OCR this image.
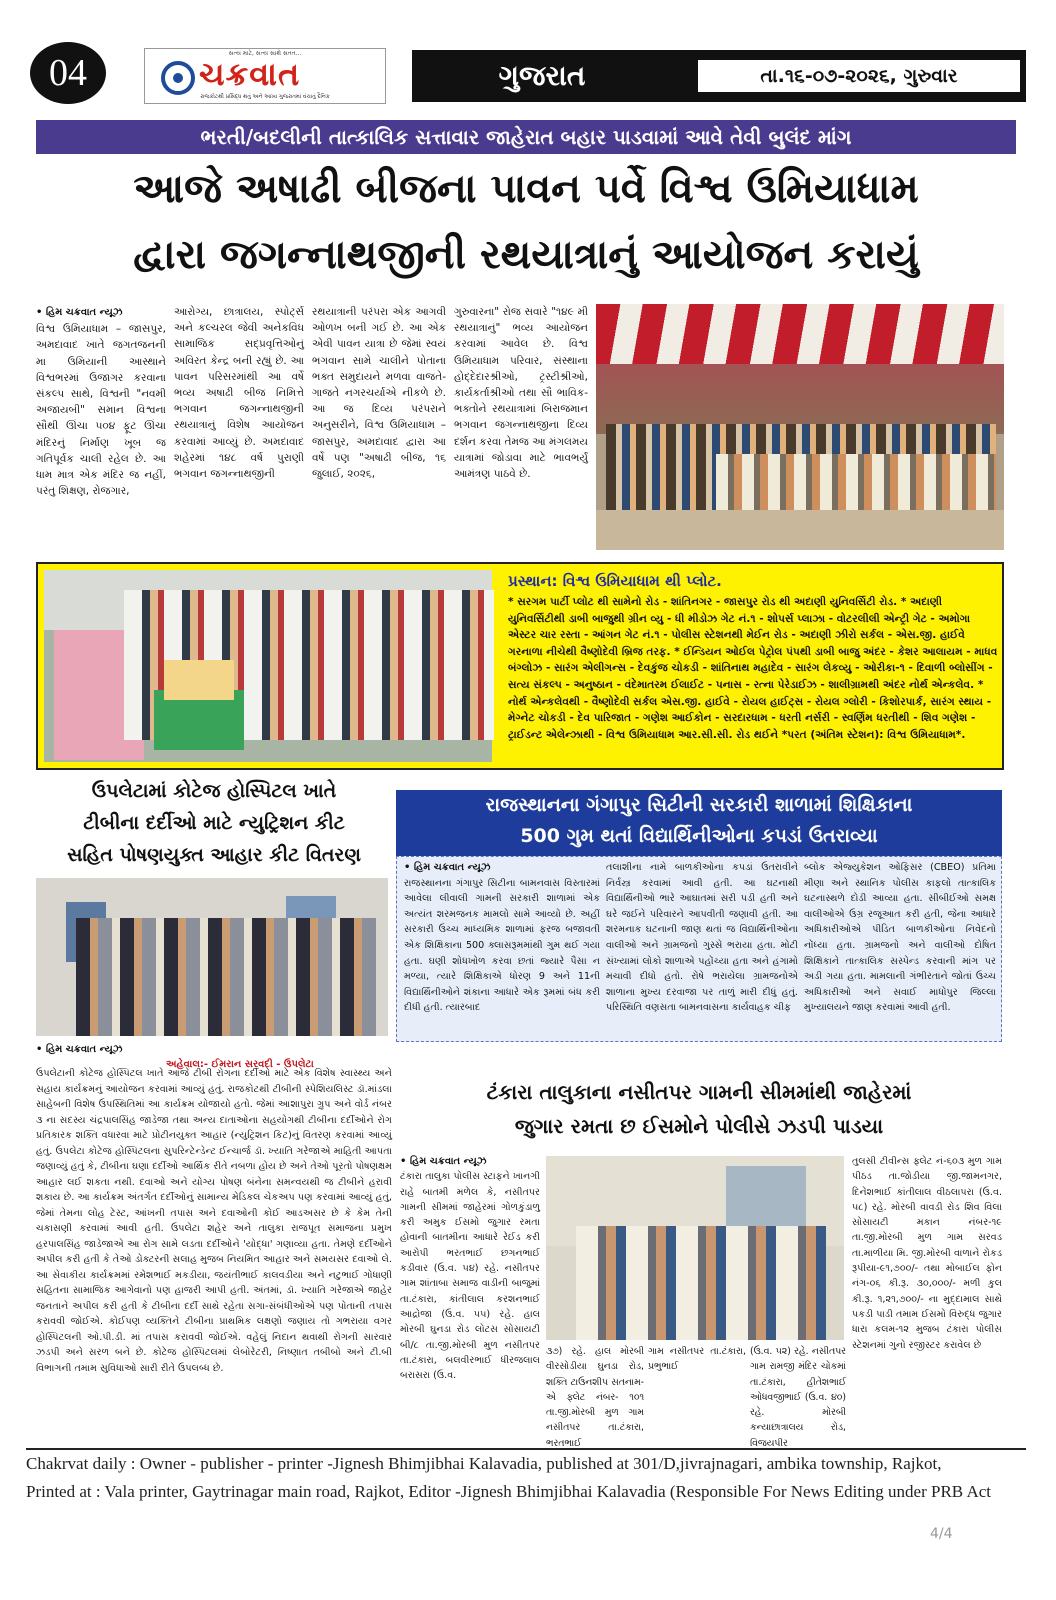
04	સત્ય માટે, સત્ય સાથે સતત...
ચક્રવાત
રાજકોટથી પ્રસિદ્ધ થતું અને આખા ગુજરાતમાં વંચાતું દૈનિક
ગુજરાત	તા.૧૬-૦૭-૨૦૨૬, ગુરુવાર
ભરતી/બદલીની તાત્કાલિક સત્તાવાર જાહેરાત બહાર પાડવામાં આવે તેવી બુલંદ માંગ
આજે અષાઢી બીજના પાવન પર્વે વિશ્વ ઉમિયાધામ
દ્વારા જગન્નાથજીની રથયાત્રાનું આયોજન કરાયું
• હિમ ચક્રવાત ન્યૂઝ
વિશ્વ ઉમિયાધામ – જાસપુર, અમદાવાદ ખાતે જગતજનની મા ઉમિયાની આસ્થાને વિશ્વભરમાં ઉજાગર કરવાના સંકલ્પ સાથે, વિશ્વની "નવમી અજાયબી" સમાન વિશ્વના સૌથી ઊંચા ૫૦૪ ફૂટ ઊંચા મંદિરનું નિર્માણ ખૂબ જ ગતિપૂર્વક ચાલી રહેલ છે. આ ધામ માત્ર એક મંદિર જ નહીં, પરંતુ શિક્ષણ, રોજગાર,
આરોગ્ય, છાત્રાલય, સ્પોર્ટ્સ અને કલ્ચરલ જેવી અનેકવિધ સામાજિક સદ્પ્રવૃત્તિઓનું અવિરત કેન્દ્ર બની રહ્યું છે. આ પાવન પરિસરમાંથી આ વર્ષે ભવ્ય અષાઢી બીજ નિમિત્તે ભગવાન જગન્નાથજીની રથયાત્રાનું વિશેષ આયોજન કરવામાં આવ્યું છે. અમદાવાદ શહેરમાં ૧૪૮ વર્ષ પુરાણી ભગવાન જગન્નાથજીની
રથયાત્રાની પરંપરા એક આગવી ઓળખ બની ગઈ છે. આ એક એવી પાવન યાત્રા છે જેમાં સ્વયં ભગવાન સામે ચાલીને પોતાના ભક્ત સમુદાયને મળવા વાજતે-ગાજતે નગરચર્યાએ નીકળે છે. આ જ દિવ્ય પરંપરાને અનુસરીને, વિશ્વ ઉમિયાધામ – જાસપુર, અમદાવાદ દ્વારા આ વર્ષે પણ "અષાઢી બીજ, ૧૬ જુલાઈ, ૨૦૨૬,
ગુરુવારના" રોજ સવારે "૧૪૯ મી રથયાત્રાનું" ભવ્ય આયોજન કરવામાં આવેલ છે. વિશ્વ ઉમિયાધામ પરિવાર, સંસ્થાના હોદ્દેદારશ્રીઓ, ટ્રસ્ટીશ્રીઓ, કાર્યકર્તાશ્રીઓ તથા સૌ ભાવિક-ભક્તોને રથયાત્રામાં બિરાજમાન ભગવાન જગન્નાથજીના દિવ્ય દર્શન કરવા તેમજ આ મંગલમય યાત્રામાં જોડાવા માટે ભાવભર્યું આમંત્રણ પાઠવે છે.
પ્રસ્થાન: વિશ્વ ઉમિયાધામ થી પ્લોટ.
* સરગમ પાર્ટી પ્લોટ થી સામેનો રોડ - શાંતિનગર - જાસપુર રોડ થી અદાણી યુનિવર્સિટી રોડ. * અદાણી યુનિવર્સિટીથી ડાબી બાજુથી ગ્રીન વ્યુ - ધી મીડોઝ ગેટ નં.૧ - શોપર્સ પ્લાઝા - વોટરલીલી એન્ટ્રી ગેટ - અમોગા એસ્ટર ચાર રસ્તા - આંગન ગેટ નં.૧ - પોલીસ સ્ટેશનથી મેઈન રોડ - અદાણી ઝીરો સર્કલ - એસ.જી. હાઈવે ગરનાળા નીચેથી વૈષ્ણોદેવી બ્રિજ તરફ. * ઈન્ડિયન ઓઈલ પેટ્રોલ પંપથી ડાબી બાજુ અંદર - કેશર આલાયમ - માધવ બંગ્લોઝ - સારંગ એલીગન્સ - દેવકુંજ ચોકડી - શાંતિનાથ મહાદેવ - સારંગ લેકવ્યુ - ઓરીકા-૧ - દિવાળી બ્લોસીંગ - સત્ય સંકલ્પ - અનુષ્ઠાન - વંદેમાતરમ ઈલાઈટ - પનાસ - રત્ના પેરેડાઈઝ - શાલીગ્રામથી અંદર નોર્થ એન્કલેવ. * નોર્થ એન્કલેવથી - વૈષ્ણોદેવી સર્કલ એસ.જી. હાઈવે - રોયલ હાઈટ્સ - રોયલ ગ્લોરી - કિશોરપાર્ક, સારંગ સ્થાય - મેગ્નેટ ચોકડી - દેવ પારિજાત - ગણેશ આઈકોન - સરદારધામ - ધરતી નર્સરી - સ્વર્ણિમ ધરતીથી - શિવ ગણેશ - ટ્રાઈડન્ટ એલેન્ઝાથી - વિશ્વ ઉમિયાધામ આર.સી.સી. રોડ થઈને *પરત (અંતિમ સ્ટેશન): વિશ્વ ઉમિયાધામ*.
ઉપલેટામાં કોટેજ હોસ્પિટલ ખાતે
ટીબીના દર્દીઓ માટે ન્યુટ્રિશન કીટ
સહિત પોષણયુક્ત આહાર કીટ વિતરણ
• હિમ ચક્રવાત ન્યૂઝ
અહેવાલ:- ઈમરાન સરવદી - ઉપલેટા
ઉપલેટાની કોટેજ હોસ્પિટલ ખાતે આજે ટીબી રોગના દર્દીઓ માટે એક વિશેષ સ્વાસ્થ્ય અને સહાય કાર્યક્રમનું આયોજન કરવામાં આવ્યું હતું. રાજકોટથી ટીબીની સ્પેશિયલિસ્ટ ડૉ.માંડલા સાહેબની વિશેષ ઉપસ્થિતિમાં આ કાર્યક્રમ યોજાયો હતો. જેમાં આશાપુરા ગ્રુપ અને વોર્ડ નંબર ૩ ના સદસ્ય ચંદ્રપાલસિંહ જાડેજા તથા અન્ય દાતાઓના સહયોગથી ટીબીના દર્દીઓને રોગ પ્રતિકારક શક્તિ વધારવા માટે પ્રોટીનયુક્ત આહાર (ન્યુટ્રિશન કિટ)નું વિતરણ કરવામાં આવ્યું હતું. ઉપલેટા કોટેજ હોસ્પિટલના સુપરિન્ટેન્ડેન્ટ ઈન્ચાર્જ ડૉ. ખ્યાતિ ગરેજાએ માહિતી આપતા જણાવ્યું હતું કે, ટીબીના ઘણા દર્દીઓ આર્થિક રીતે નબળા હોય છે અને તેઓ પૂરતો પોષણક્ષમ આહાર લઈ શકતા નથી. દવાઓ અને યોગ્ય પોષણ બંનેના સમન્વયથી જ ટીબીને હરાવી શકાય છે. આ કાર્યક્રમ અંતર્ગત દર્દીઓનું સામાન્ય મેડિકલ ચેકઅપ પણ કરવામાં આવ્યું હતું, જેમાં તેમના લોહ ટેસ્ટ, આંખની તપાસ અને દવાઓની કોઈ આડઅસર છે કે કેમ તેની ચકાસણી કરવામાં આવી હતી. ઉપલેટા શહેર અને તાલુકા રાજપૂત સમાજના પ્રમુખ હરપાલસિંહ જાડેજાએ આ રોગ સામે લડતા દર્દીઓને 'યોદ્ધા' ગણાવ્યા હતા. તેમણે દર્દીઓને અપીલ કરી હતી કે તેઓ ડોક્ટરની સલાહ મુજબ નિયમિત આહાર અને સમયસર દવાઓ લે. આ સેવાકીય કાર્યક્રમમાં રમેશભાઈ મકડીયા, જયંતીભાઈ કાલવડીયા અને નટુભાઈ ગોધાણી સહિતના સામાજિક આગેવાનો પણ હાજરી આપી હતી. અંતમાં, ડૉ. ખ્યાતિ ગરેજાએ જાહેર જનતાને અપીલ કરી હતી કે ટીબીના દર્દી સાથે રહેતા સગા-સંબંધીઓએ પણ પોતાની તપાસ કરાવવી જોઈએ. કોઈપણ વ્યક્તિને ટીબીના પ્રાથમિક લક્ષણો જણાય તો ગભરાયા વગર હોસ્પિટલની ઓ.પી.ડી. માં તપાસ કરાવવી જોઈએ. વહેલું નિદાન થવાથી રોગની સારવાર ઝડપી અને સરળ બને છે. કોટેજ હોસ્પિટલમાં લેબોરેટરી, નિષ્ણાત તબીબો અને ટી.બી વિભાગની તમામ સુવિધાઓ સારી રીતે ઉપલબ્ધ છે.
રાજસ્થાનના ગંગાપુર સિટીની સરકારી શાળામાં શિક્ષિકાના
500 ગુમ થતાં વિદ્યાર્થિનીઓના કપડાં ઉતરાવ્યા
• હિમ ચક્રવાત ન્યૂઝ
રાજસ્થાનના ગંગાપુર સિટીના બામનવાસ વિસ્તારમાં આવેલા લીવાલી ગામની સરકારી શાળામાં એક અત્યંત શરમજનક મામલો સામે આવ્યો છે. અહીં સરકારી ઉચ્ચ માધ્યમિક શાળામાં ફરજ બજાવતી એક શિક્ષિકાના 500 ક્લાસરૂમમાંથી ગુમ થઈ ગયા હતા. ઘણી શોધખોળ કરવા છતાં જ્યારે પૈસા ન મળ્યા, ત્યારે શિક્ષિકાએ ધોરણ 9 અને 11ની વિદ્યાર્થિનીઓને શંકાના આધારે એક રૂમમાં બંધ કરી દીધી હતી. ત્યારબાદ
તલાશીના નામે બાળકીઓના કપડાં ઉતરાવીને નિર્વસ્ત્ર કરવામાં આવી હતી. આ ઘટનાથી વિદ્યાર્થિનીઓ ભારે આઘાતમાં સરી પડી હતી અને ઘરે જઈને પરિવારને આપવીતી જણાવી હતી. આ શરમનાક ઘટનાની જાણ થતાં જ વિદ્યાર્થિનીઓના વાલીઓ અને ગ્રામજનો ગુસ્સે ભરાયા હતા. મોટી સંખ્યામાં લોકો શાળાએ પહોંચ્યા હતા અને હંગામો મચાવી દીધો હતો. રોષે ભરાયેલા ગ્રામજનોએ શાળાના મુખ્ય દરવાજા પર તાળું મારી દીધું હતું. પરિસ્થિતિ વણસતા બામનવાસના કાર્યવાહક ચીફ
બ્લોક એજ્યુકેશન ઓફિસર (CBEO) પ્રતિમા મીણા અને સ્થાનિક પોલીસ કાફલો તાત્કાલિક ઘટનાસ્થળે દોડી આવ્યા હતા. સીબીઈઓ સમક્ષ વાલીઓએ ઉગ્ર રજૂઆત કરી હતી, જેના આધારે અધિકારીઓએ પીડિત બાળકીઓના નિવેદનો નોંધ્યા હતા. ગ્રામજનો અને વાલીઓ દોષિત શિક્ષિકાને તાત્કાલિક સસ્પેન્ડ કરવાની માંગ પર અડી ગયા હતા. મામલાની ગંભીરતાને જોતાં ઉચ્ચ અધિકારીઓ અને સવાઈ માધોપુર જિલ્લા મુખ્યાલયને જાણ કરવામાં આવી હતી.
ટંકારા તાલુકાના નસીતપર ગામની સીમમાંથી જાહેરમાં
જુગાર રમતા છ ઈસમોને પોલીસે ઝડપી પાડયા
• હિમ ચક્રવાત ન્યૂઝ
ટંકારા તાલુકા પોલીસ સ્ટાફને ખાનગી રાહે બાતમી મળેલ કે, નસીતપર ગામની સીમમાં જાહેરમાં ગોળકુંડાળુ કરી અમુક ઈસમો જુગાર રમતા હોવાની બાતમીના આધારે રેઈડ કરી આરોપી ભરતભાઈ છગનભાઈ કડીવાર (ઉ.વ. ૫૪) રહે. નસીતપર ગામ શાંતાબા સમાજ વાડીની બાજુમાં તા.ટંકારા, કાંતીલાલ કરશનભાઈ આદ્રોજા (ઉ.વ. ૫૫) રહે. હાલ મોરબી ઘુનડા રોડ લોટસ સોસાયટી બી/૮ તા.જી.મોરબી મુળ નસીતપર તા.ટંકારા, બલવીરભાઈ ધીરજલાલ બરાસરા (ઉ.વ.
૩૭) રહે. હાલ મોરબી વીરસોડીયા ઘુનડા રોડ, શક્તિ ટાઉનશીપ સતનામ-એ ફ્લેટ નંબર- ૧૦૧ તા.જી.મોરબી મુળ ગામ નસીતપર તા.ટંકારા, ભરતભાઈ
ગામ નસીતપર તા.ટંકારા, પ્રભુભાઈ
(ઉ.વ. ૫૨) રહે. નસીતપર ગામ રામજી મંદિર ચોકમાં તા.ટંકારા, હીતેશભાઈ ઓધવજીભાઈ (ઉ.વ. ૪૦) રહે. મોરબી કન્યાછાત્રાલય રોડ, વિજયપીર
તુલસી ટીવીન્સ ફ્લેટ નં-૬૦૩ મુળ ગામ પીઠડ તા.જોડીયા જી.જામનગર, દિનેશભાઈ કાંતીલાલ વીઠલાપરા (ઉ.વ. ૫૮) રહે. મોરબી વાવડી રોડ શિવ વિલા સોસાયટી મકાન નંબર-૧૯ તા.જી.મોરબી મુળ ગામ સરવડ તા.માળીયા મિ. જી.મોરબી વાળાને રોકડ રૂપીયા-૯૧,૭૦૦/- તથા મોબાઈલ ફોન નંગ-૦૬ કી.રૂ. ૩૦,૦૦૦/- મળી કુલ કી.રૂ. ૧,૨૧,૭૦૦/- ના મુદ્દામાલ સાથે પકડી પાડી તમામ ઈસમો વિરુદ્ધ જુગાર ધારા કલમ-૧૨ મુજબ ટંકારા પોલીસ સ્ટેશનમાં ગુનો રજીસ્ટર કરાવેલ છે
Chakrvat daily : Owner - publisher - printer -Jignesh Bhimjibhai Kalavadia, published at 301/D,jivrajnagari, ambika township, Rajkot,
Printed at : Vala printer, Gaytrinagar main road, Rajkot, Editor -Jignesh Bhimjibhai Kalavadia (Responsible For News Editing under PRB Act
4/4
